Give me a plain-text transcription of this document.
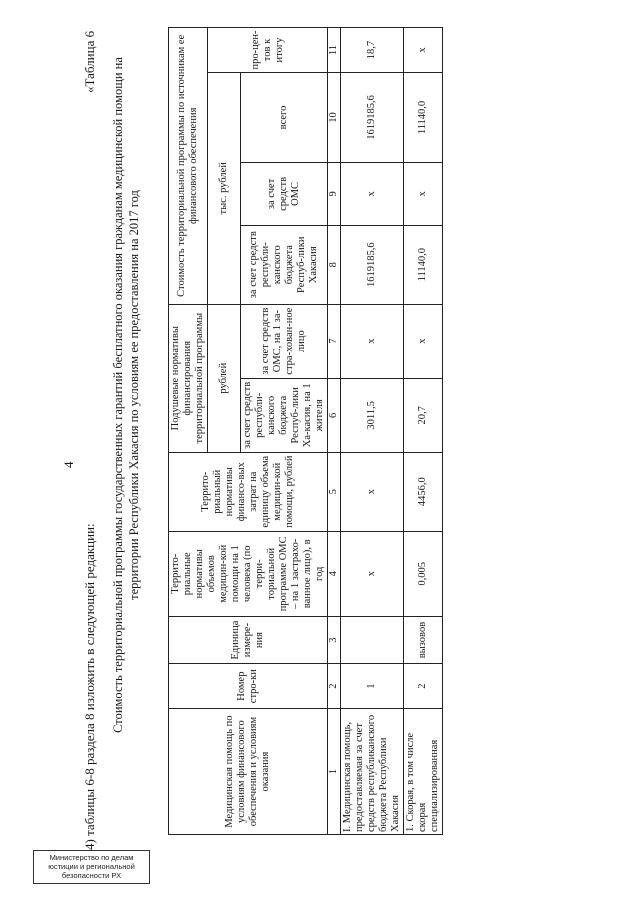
4
4) таблицы 6-8 раздела 8 изложить в следующей редакции:
«Таблица 6 Стоимость территориальной программы государственных гарантий бесплатного оказания гражданам медицинской помощи на территории Республики Хакасия по условиям ее предоставления на 2017 год
Медицинская помощь по условиям финансового обеспечения и условиям оказания	Номер стро-ки	Единица измере-ния	Террито-риальные нормативы объемов медицин-кой помощи на 1 человека (по терри-ториальной программе ОМС – на 1 застрахо-ванное лицо), в год	Террито-риальный нормативы финансо-вых затрат на единицу объема медицин-кой помощи, рублей	Подушевые нормативы финансирования территориальной программы		Стоимость территориальной программы по источникам ее финансового обеспечения			
					рублей		тыс. рублей			про-цен-тов к итогу
					за счет средств республи-канского бюджета Респуб-лики Ха-касия, на 1 жителя	за счет средств ОМС, на 1 за-стра-хован-ное лицо	за счет средств республи-канского бюджета Респуб-лики Хакасия	за счет средств ОМС	всего	
1	2	3	4	5	6	7	8	9	10	11
I. Медицинская помощь, предоставляемая за счет средств республиканского бюджета Республики Хакасия	1		х	х	3011,5	х	1619185,6	х	1619185,6	18,7
1. Скорая, в том числе скорая специализированная	2	вызовов	0,005	4456,0	20,7	х	11140,0	х	11140,0	х
Министерство по делам юстиции и региональной безопасности РХ
